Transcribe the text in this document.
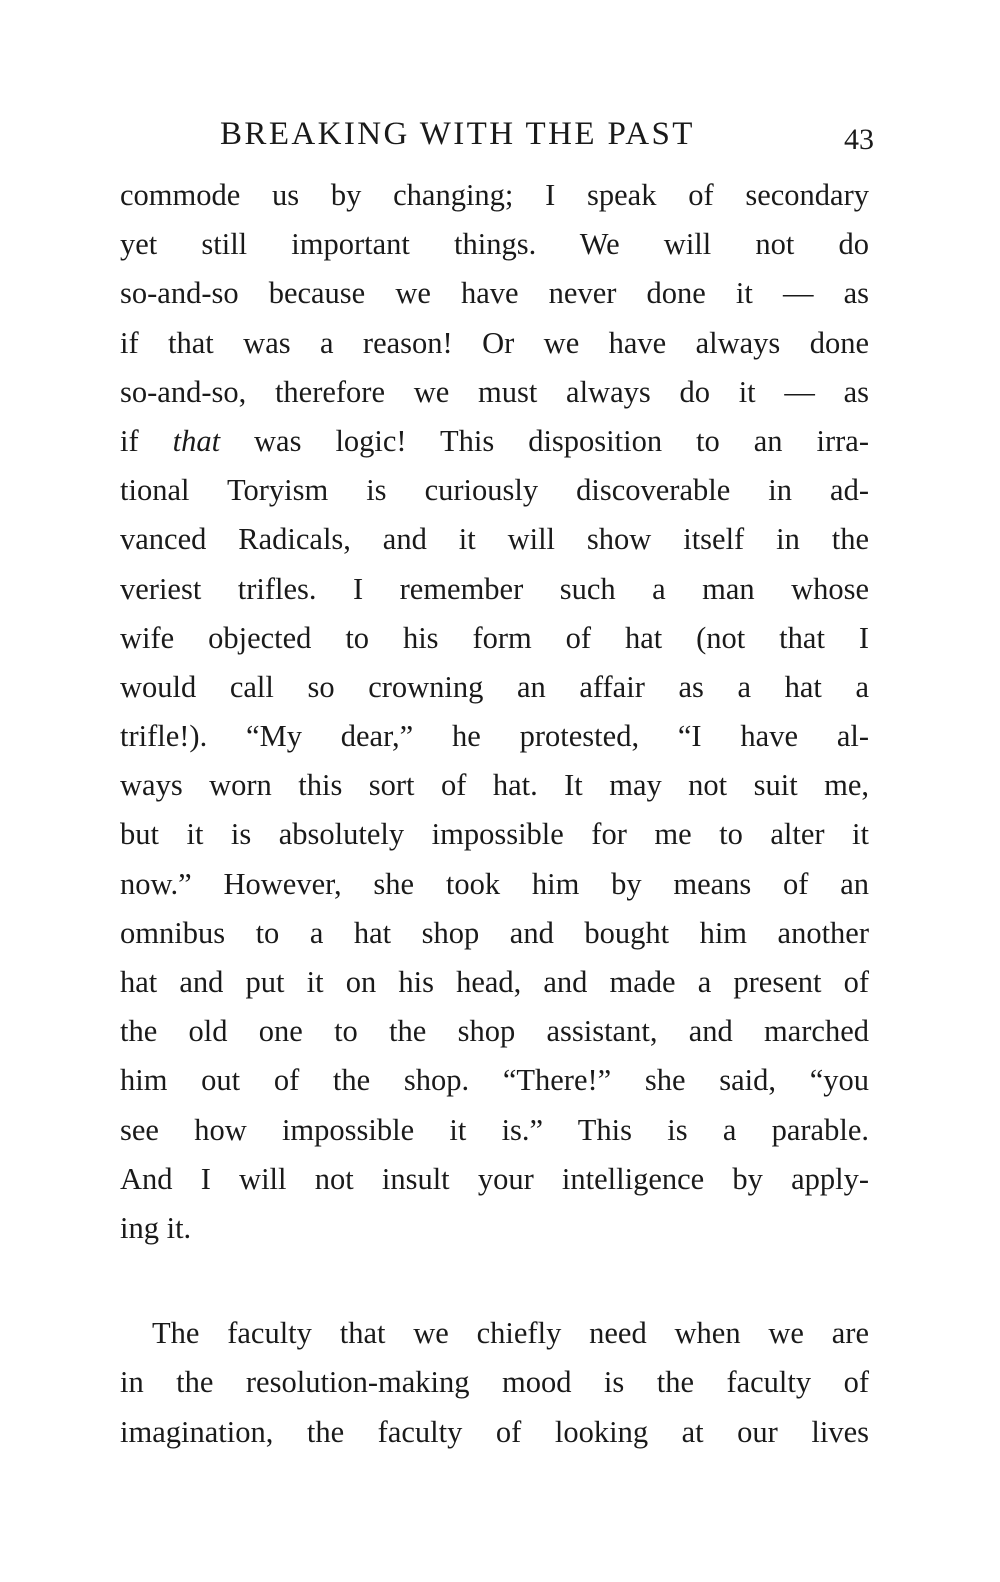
BREAKING WITH THE PAST	43
commode us by changing; I speak of secondary
yet still important things. We will not do
so-and-so because we have never done it — as
if that was a reason! Or we have always done
so-and-so, therefore we must always do it — as
if that was logic! This disposition to an irra-
tional Toryism is curiously discoverable in ad-
vanced Radicals, and it will show itself in the
veriest trifles. I remember such a man whose
wife objected to his form of hat (not that I
would call so crowning an affair as a hat a
trifle!). “My dear,” he protested, “I have al-
ways worn this sort of hat. It may not suit me,
but it is absolutely impossible for me to alter it
now.” However, she took him by means of an
omnibus to a hat shop and bought him another
hat and put it on his head, and made a present of
the old one to the shop assistant, and marched
him out of the shop. “There!” she said, “you
see how impossible it is.” This is a parable.
And I will not insult your intelligence by apply-
ing it.
The faculty that we chiefly need when we are
in the resolution-making mood is the faculty of
imagination, the faculty of looking at our lives
